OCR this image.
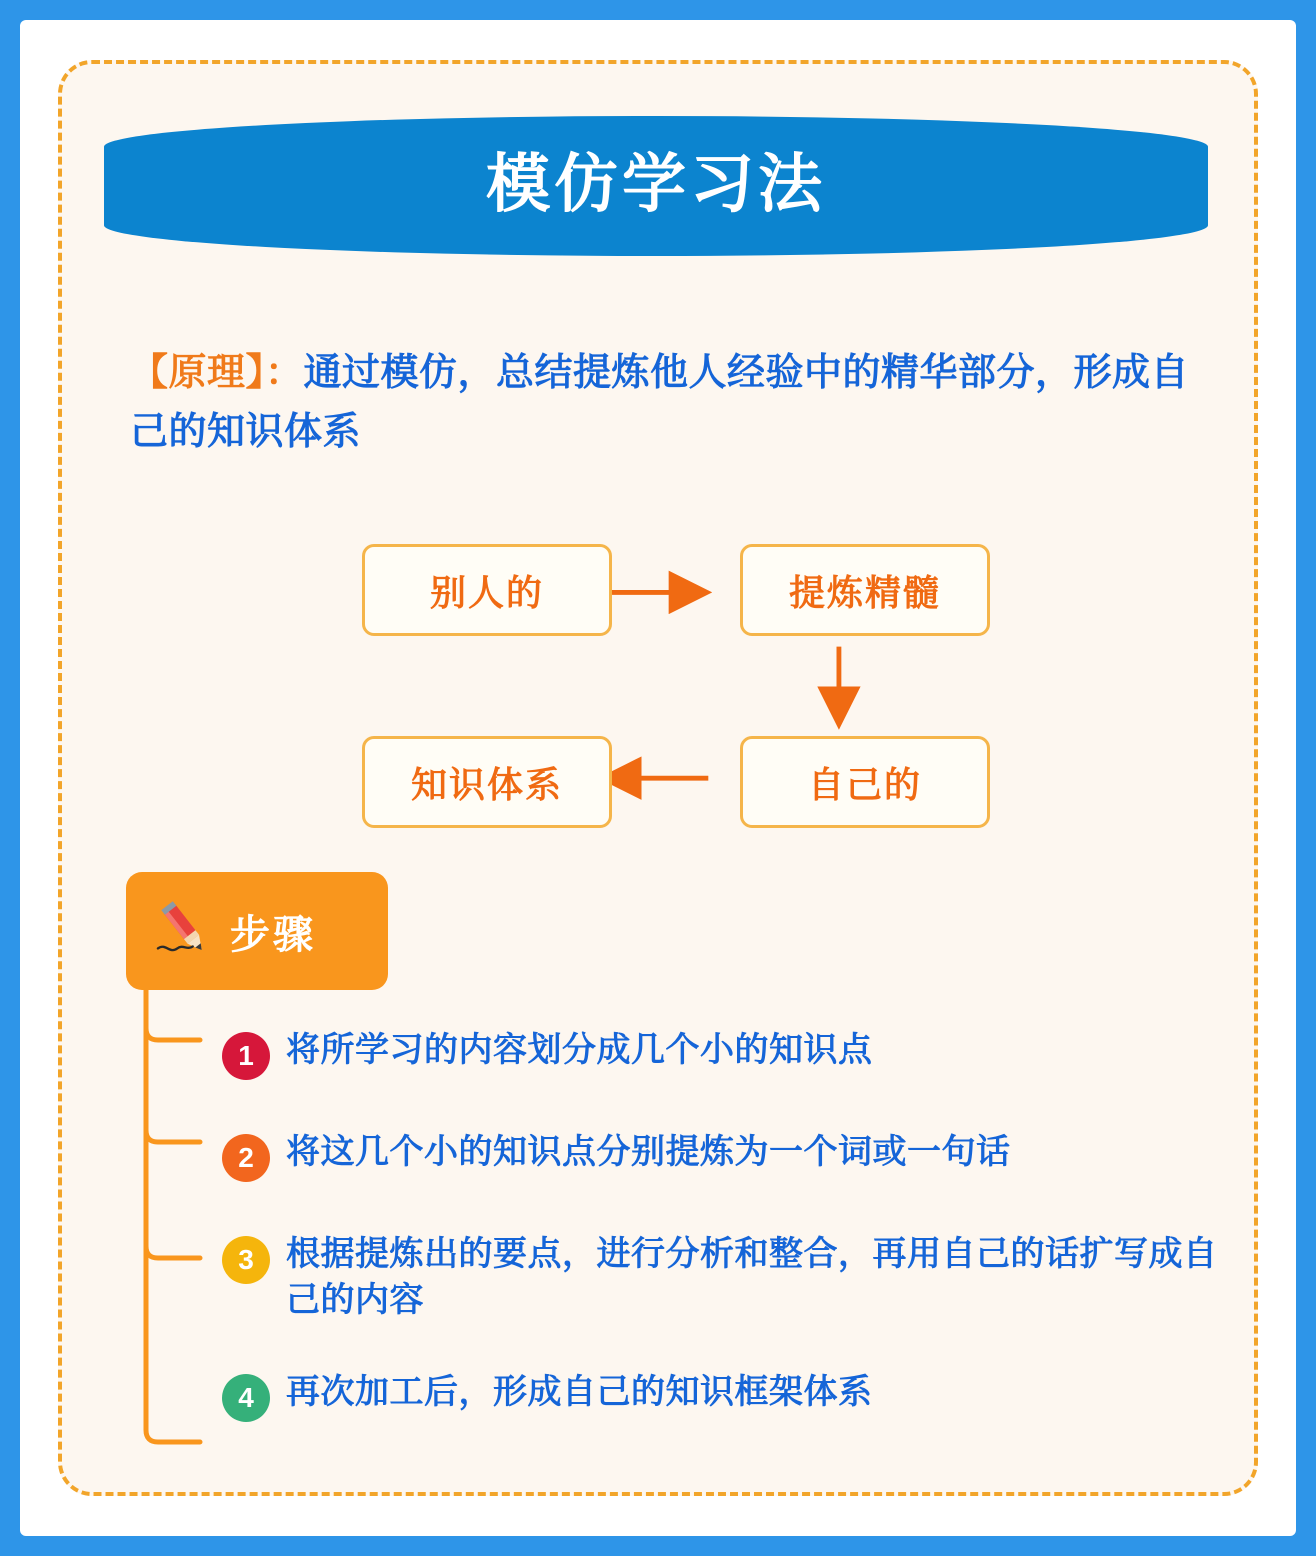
模仿学习法
【原理】：通过模仿，总结提炼他人经验中的精华部分，形成自己的知识体系
别人的	提炼精髓
自己的
知识体系
步骤
1 将所学习的内容划分成几个小的知识点
2 将这几个小的知识点分别提炼为一个词或一句话
3 根据提炼出的要点，进行分析和整合，再用自己的话扩写成自己的内容
4 再次加工后，形成自己的知识框架体系
